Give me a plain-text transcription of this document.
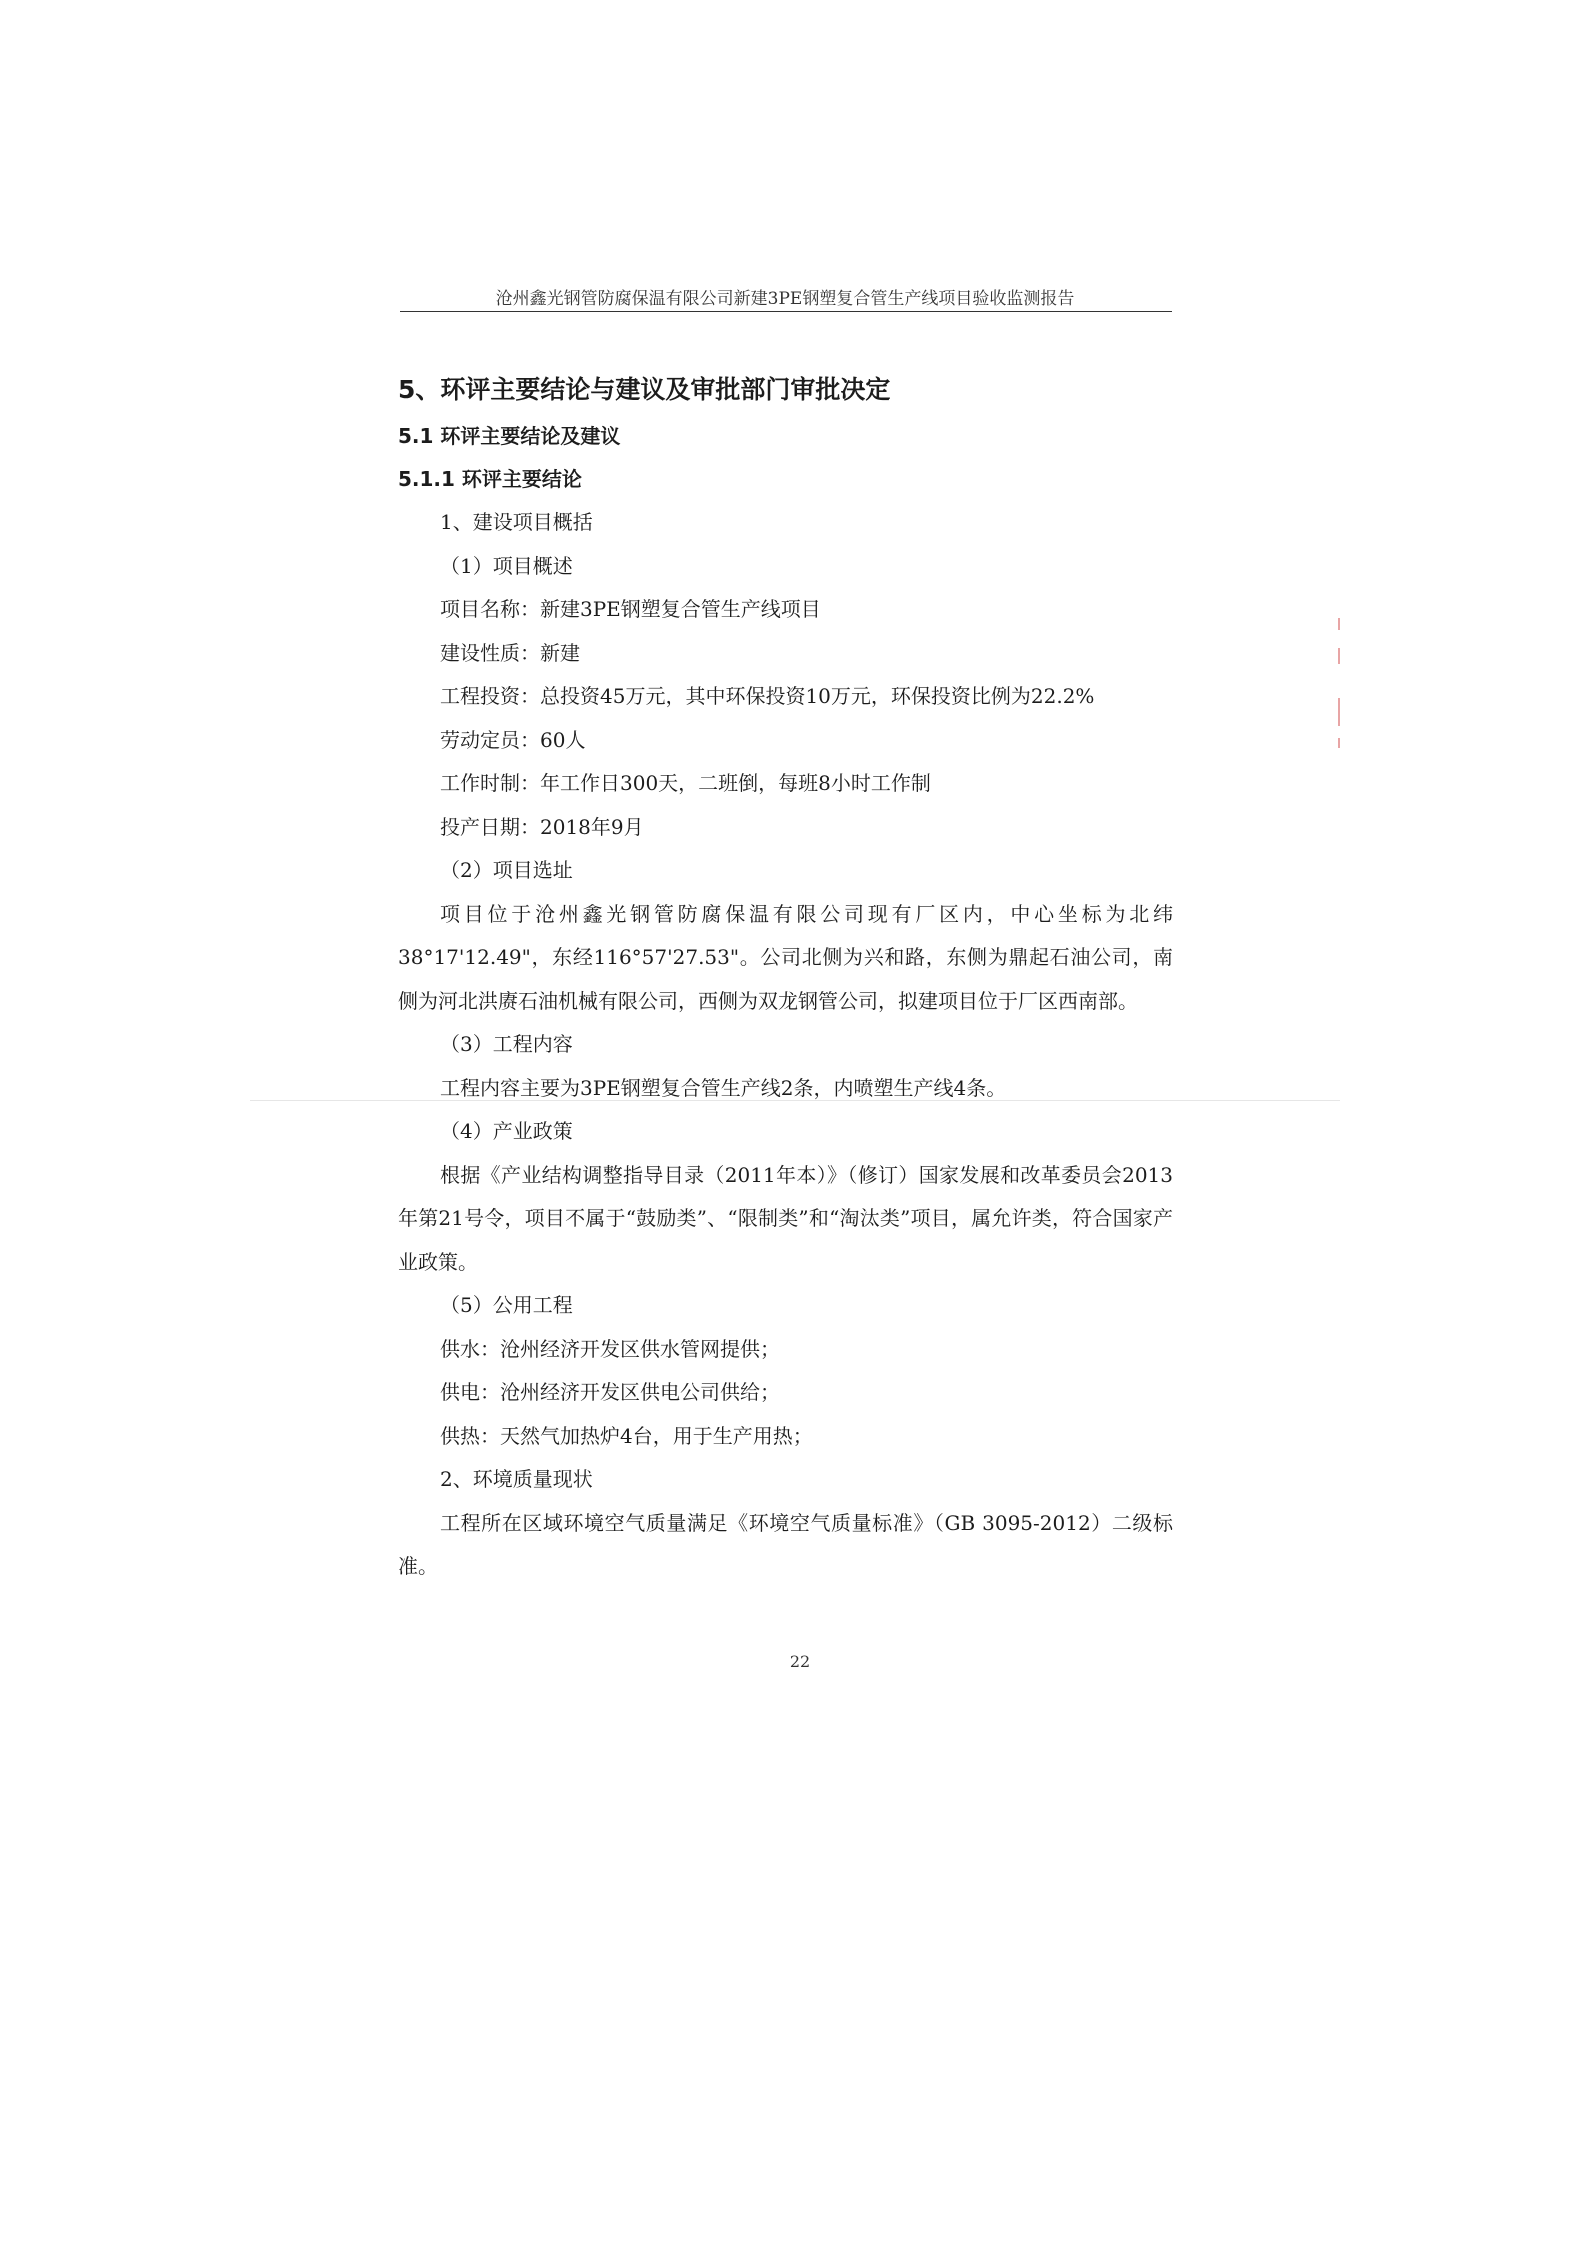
沧州鑫光钢管防腐保温有限公司新建3PE钢塑复合管生产线项目验收监测报告
5、环评主要结论与建议及审批部门审批决定
5.1 环评主要结论及建议
5.1.1 环评主要结论
1、建设项目概括
（1）项目概述
项目名称：新建3PE钢塑复合管生产线项目
建设性质：新建
工程投资：总投资45万元，其中环保投资10万元，环保投资比例为22.2%
劳动定员：60人
工作时制：年工作日300天，二班倒，每班8小时工作制
投产日期：2018年9月
（2）项目选址
项目位于沧州鑫光钢管防腐保温有限公司现有厂区内，中心坐标为北纬38°17'12.49"，东经116°57'27.53"。公司北侧为兴和路，东侧为鼎起石油公司，南侧为河北洪赓石油机械有限公司，西侧为双龙钢管公司，拟建项目位于厂区西南部。
（3）工程内容
工程内容主要为3PE钢塑复合管生产线2条，内喷塑生产线4条。
（4）产业政策
根据《产业结构调整指导目录（2011年本）》（修订）国家发展和改革委员会2013年第21号令，项目不属于“鼓励类”、“限制类”和“淘汰类”项目，属允许类，符合国家产业政策。
（5）公用工程
供水：沧州经济开发区供水管网提供；
供电：沧州经济开发区供电公司供给；
供热：天然气加热炉4台，用于生产用热；
2、环境质量现状
工程所在区域环境空气质量满足《环境空气质量标准》（GB 3095-2012）二级标准。
22
